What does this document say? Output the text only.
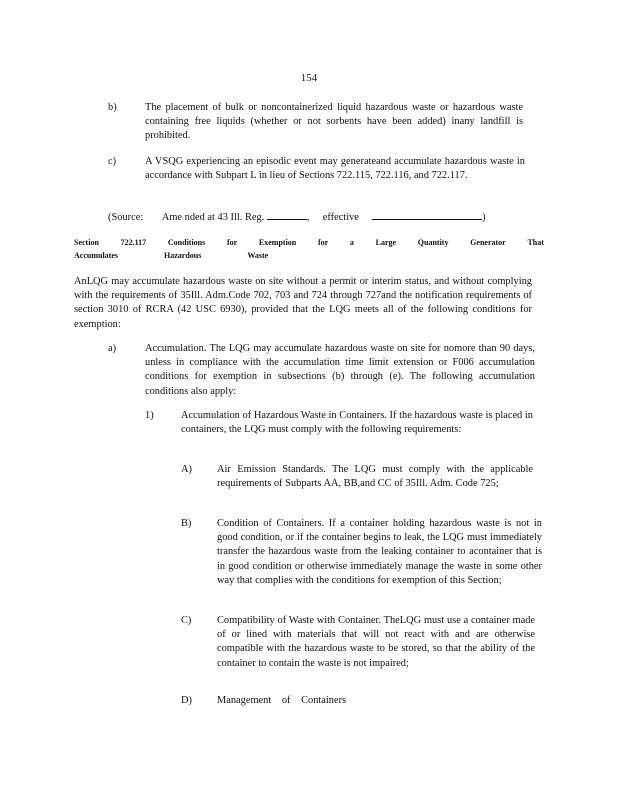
154
b)	The placement of bulk or noncontainerized liquid hazardous waste or hazardous waste containing free liquids (whether or not sorbents have been added) inany landfill is prohibited.
c)	A VSQG experiencing an episodic event may generateand accumulate hazardous waste in accordance with Subpart L in lieu of Sections 722.115, 722.116, and 722.117.
(Source: Ame nded at 43 Ill. Reg.	, effective	)
Section	722.117	Conditions	for	Exemption	for	a	Large	Quantity	Generator	That
Accumulates	Hazardous	Waste
AnLQG may accumulate hazardous waste on site without a permit or interim status, and without complying with the requirements of 35Ill. Adm.Code 702, 703 and 724 through 727and the notification requirements of section 3010 of RCRA (42 USC 6930), provided that the LQG meets all of the following conditions for exemption:
a)	Accumulation. The LQG may accumulate hazardous waste on site for nomore than 90 days, unless in compliance with the accumulation time limit extension or F006 accumulation conditions for exemption in subsections (b) through (e). The following accumulation conditions also apply:
1)	Accumulation of Hazardous Waste in Containers. If the hazardous waste is placed in containers, the LQG must comply with the following requirements:
A) Air Emission Standards. The LQG must comply with the applicable requirements of Subparts AA, BB,and CC of 35Ill. Adm. Code 725;
B) Condition of Containers. If a container holding hazardous waste is not in good condition, or if the container begins to leak, the LQG must immediately transfer the hazardous waste from the leaking container to acontainer that is in good condition or otherwise immediately manage the waste in some other way that complies with the conditions for exemption of this Section;
C) Compatibility of Waste with Container. TheLQG must use a container made of or lined with materials that will not react with and are otherwise compatible with the hazardous waste to be stored, so that the ability of the container to contain the waste is not impaired;
D) Management of Containers
